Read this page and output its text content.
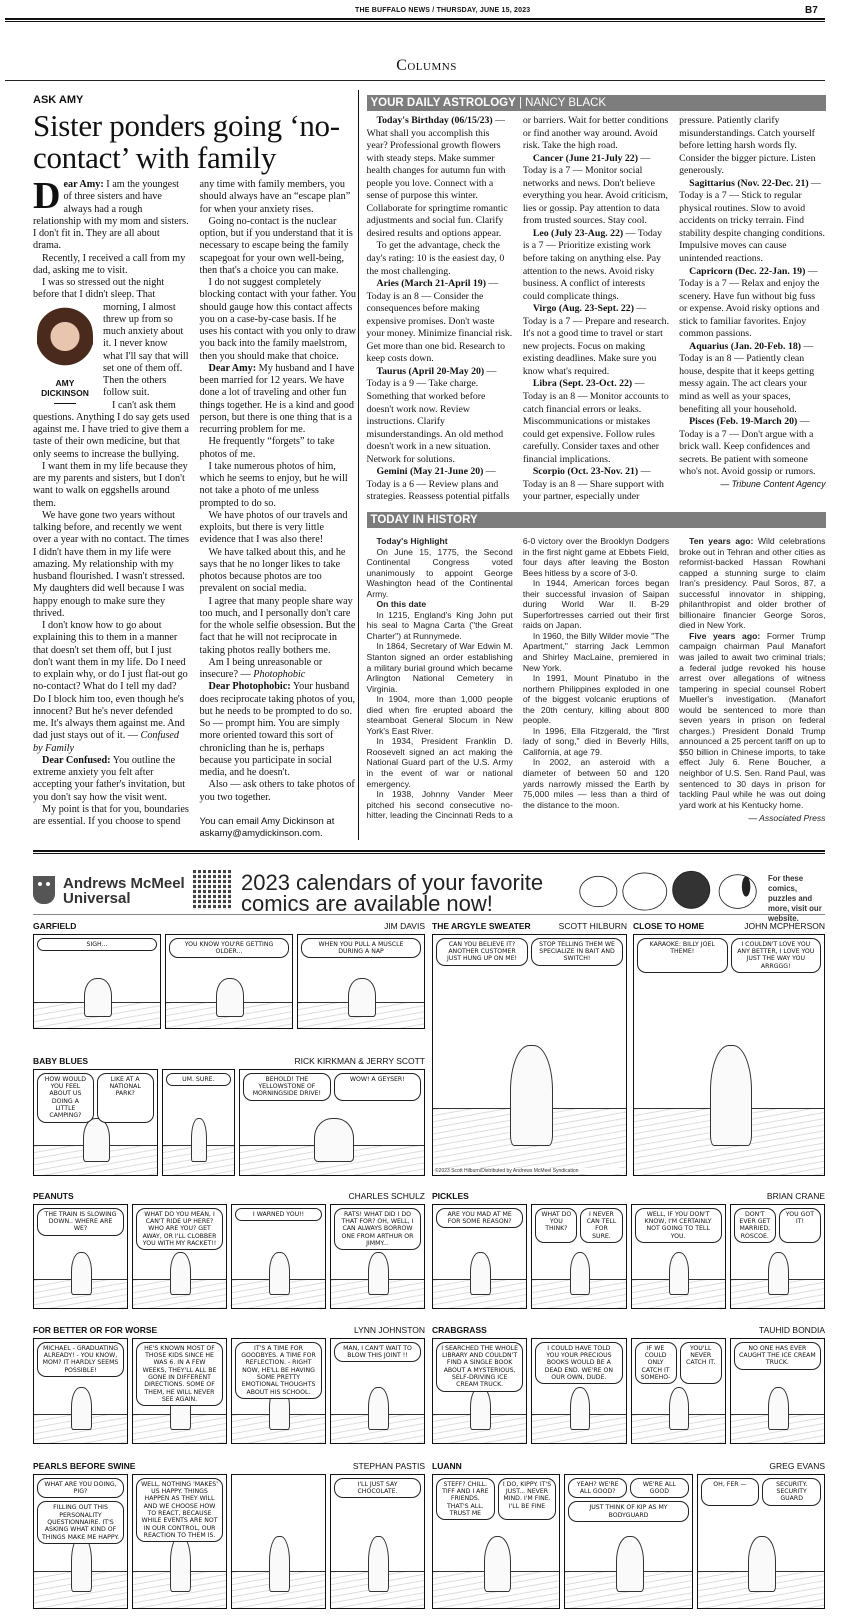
THE BUFFALO NEWS / THURSDAY, JUNE 15, 2023	B7
Columns
ASK AMY
Sister ponders going ‘no-contact’ with family

Dear Amy: I am the youngest of three sisters and have always had a rough relationship with my mom and sisters. I don't fit in. They are all about drama.

Recently, I received a call from my dad, asking me to visit.

I was so stressed out the night before that I didn't sleep. That morning,
AMY
DICKINSON
I almost threw up from so much anxiety about it. I never know what I'll say that will set one of them off. Then the others follow suit.

I can't ask them questions. Anything I do say gets used against me. I have tried to give them a taste of their own medicine, but that only seems to increase the bullying.

I want them in my life because they are my parents and sisters, but I don't want to walk on eggshells around them.

We have gone two years without talking before, and recently we went over a year with no contact. The times I didn't have them in my life were amazing. My relationship with my husband flourished. I wasn't stressed. My daughters did well because I was happy enough to make sure they thrived.

I don't know how to go about explaining this to them in a manner that doesn't set them off, but I just don't want them in my life. Do I need to explain why, or do I just flat-out go no-contact? What do I tell my dad? Do I block him too, even though he's innocent? But he's never defended me. It's always them against me. And dad just stays out of it. — Confused by Family

Dear Confused: You outline the extreme anxiety you felt after accepting your father's invitation, but you don't say how the visit went.

My point is that for you, boundaries are essential. If you choose to spend any time with family members, you should always have an “escape plan” for when your anxiety rises.

Going no-contact is the nuclear option, but if you understand that it is necessary to escape being the family scapegoat for your own well-being, then that's a choice you can make.

I do not suggest completely blocking contact with your father. You should gauge how this contact affects you on a case-by-case basis. If he uses his contact with you only to draw you back into the family maelstrom, then you should make that choice.

Dear Amy: My husband and I have been married for 12 years. We have done a lot of traveling and other fun things together. He is a kind and good person, but there is one thing that is a recurring problem for me.

He frequently “forgets” to take photos of me.

I take numerous photos of him, which he seems to enjoy, but he will not take a photo of me unless prompted to do so.

We have photos of our travels and exploits, but there is very little evidence that I was also there!

We have talked about this, and he says that he no longer likes to take photos because photos are too prevalent on social media.

I agree that many people share way too much, and I personally don't care for the whole selfie obsession. But the fact that he will not reciprocate in taking photos really bothers me.

Am I being unreasonable or insecure? — Photophobic

Dear Photophobic: Your husband does reciprocate taking photos of you, but he needs to be prompted to do so. So — prompt him. You are simply more oriented toward this sort of chronicling than he is, perhaps because you participate in social media, and he doesn't.

Also — ask others to take photos of you two together.

You can email Amy Dickinson at askamy@amydickinson.com.

YOUR DAILY ASTROLOGY | NANCY BLACK

Today's Birthday (06/15/23) — What shall you accomplish this year? Professional growth flowers with steady steps. Make summer health changes for autumn fun with people you love. Connect with a sense of purpose this winter. Collaborate for springtime romantic adjustments and social fun. Clarify desired results and options appear.

To get the advantage, check the day's rating: 10 is the easiest day, 0 the most challenging.

Aries (March 21-April 19) — Today is an 8 — Consider the consequences before making expensive promises. Don't waste your money. Minimize financial risk. Get more than one bid. Research to keep costs down.

Taurus (April 20-May 20) — Today is a 9 — Take charge. Something that worked before doesn't work now. Review instructions. Clarify misunderstandings. An old method doesn't work in a new situation. Network for solutions.

Gemini (May 21-June 20) — Today is a 6 — Review plans and strategies. Reassess potential pitfalls or barriers. Wait for better conditions or find another way around. Avoid risk. Take the high road.

Cancer (June 21-July 22) — Today is a 7 — Monitor social networks and news. Don't believe everything you hear. Avoid criticism, lies or gossip. Pay attention to data from trusted sources. Stay cool.

Leo (July 23-Aug. 22) — Today is a 7 — Prioritize existing work before taking on anything else. Pay attention to the news. Avoid risky business. A conflict of interests could complicate things.

Virgo (Aug. 23-Sept. 22) — Today is a 7 — Prepare and research. It's not a good time to travel or start new projects. Focus on making existing deadlines. Make sure you know what's required.

Libra (Sept. 23-Oct. 22) — Today is an 8 — Monitor accounts to catch financial errors or leaks. Miscommunications or mistakes could get expensive. Follow rules carefully. Consider taxes and other financial implications.

Scorpio (Oct. 23-Nov. 21) — Today is an 8 — Share support with your partner, especially under pressure. Patiently clarify misunderstandings. Catch yourself before letting harsh words fly. Consider the bigger picture. Listen generously.

Sagittarius (Nov. 22-Dec. 21) — Today is a 7 — Stick to regular physical routines. Slow to avoid accidents on tricky terrain. Find stability despite changing conditions. Impulsive moves can cause unintended reactions.

Capricorn (Dec. 22-Jan. 19) — Today is a 7 — Relax and enjoy the scenery. Have fun without big fuss or expense. Avoid risky options and stick to familiar favorites. Enjoy common passions.

Aquarius (Jan. 20-Feb. 18) — Today is an 8 — Patiently clean house, despite that it keeps getting messy again. The act clears your mind as well as your spaces, benefiting all your household.

Pisces (Feb. 19-March 20) — Today is a 7 — Don't argue with a brick wall. Keep confidences and secrets. Be patient with someone who's not. Avoid gossip or rumors.

— Tribune Content Agency

TODAY IN HISTORY

Today's Highlight

On June 15, 1775, the Second Continental Congress voted unanimously to appoint George Washington head of the Continental Army.

On this date

In 1215, England's King John put his seal to Magna Carta ("the Great Charter") at Runnymede.

In 1864, Secretary of War Edwin M. Stanton signed an order establishing a military burial ground which became Arlington National Cemetery in Virginia.

In 1904, more than 1,000 people died when fire erupted aboard the steamboat General Slocum in New York's East River.

In 1934, President Franklin D. Roosevelt signed an act making the National Guard part of the U.S. Army in the event of war or national emergency.

In 1938, Johnny Vander Meer pitched his second consecutive no-hitter, leading the Cincinnati Reds to a 6-0 victory over the Brooklyn Dodgers in the first night game at Ebbets Field, four days after leaving the Boston Bees hitless by a score of 3-0.

In 1944, American forces began their successful invasion of Saipan during World War II. B-29 Superfortresses carried out their first raids on Japan.

In 1960, the Billy Wilder movie "The Apartment," starring Jack Lemmon and Shirley MacLaine, premiered in New York.

In 1991, Mount Pinatubo in the northern Philippines exploded in one of the biggest volcanic eruptions of the 20th century, killing about 800 people.

In 1996, Ella Fitzgerald, the "first lady of song," died in Beverly Hills, California, at age 79.

In 2002, an asteroid with a diameter of between 50 and 120 yards narrowly missed the Earth by 75,000 miles — less than a third of the distance to the moon.

Ten years ago: Wild celebrations broke out in Tehran and other cities as reformist-backed Hassan Rowhani capped a stunning surge to claim Iran's presidency. Paul Soros, 87, a successful innovator in shipping, philanthropist and older brother of billionaire financier George Soros, died in New York.

Five years ago: Former Trump campaign chairman Paul Manafort was jailed to await two criminal trials; a federal judge revoked his house arrest over allegations of witness tampering in special counsel Robert Mueller's investigation. (Manafort would be sentenced to more than seven years in prison on federal charges.) President Donald Trump announced a 25 percent tariff on up to $50 billion in Chinese imports, to take effect July 6. Rene Boucher, a neighbor of U.S. Sen. Rand Paul, was sentenced to 30 days in prison for tackling Paul while he was out doing yard work at his Kentucky home.

— Associated Press

Andrews McMeel
Universal
2023 calendars of your favorite comics are available now!
For these comics, puzzles and more, visit our website.
GARFIELD	JIM DAVIS
SIGH...	YOU KNOW YOU'RE GETTING OLDER...
WHEN YOU PULL A MUSCLE DURING A NAP
BABY BLUES	RICK KIRKMAN & JERRY SCOTT
HOW WOULD YOU FEEL ABOUT US DOING A LITTLE CAMPING?
LIKE AT A NATIONAL PARK?
UM. SURE.	BEHOLD! THE YELLOWSTONE OF MORNINGSIDE DRIVE!
WOW! A GEYSER!
PEANUTS	CHARLES SCHULZ
THE TRAIN IS SLOWING DOWN.. WHERE ARE WE?
WHAT DO YOU MEAN, I CAN'T RIDE UP HERE? WHO ARE YOU? GET AWAY, OR I'LL CLOBBER YOU WITH MY RACKET!!
I WARNED YOU!!	RATS! WHAT DID I DO THAT FOR? OH, WELL, I CAN ALWAYS BORROW ONE FROM ARTHUR OR JIMMY...
FOR BETTER OR FOR WORSE	LYNN JOHNSTON
MICHAEL - GRADUATING ALREADY! - YOU KNOW, MOM? IT HARDLY SEEMS POSSIBLE!
HE'S KNOWN MOST OF THOSE KIDS SINCE HE WAS 6. IN A FEW WEEKS, THEY'LL ALL BE GONE IN DIFFERENT DIRECTIONS. SOME OF THEM, HE WILL NEVER SEE AGAIN.
IT'S A TIME FOR GOODBYES. A TIME FOR REFLECTION. - RIGHT NOW, HE'LL BE HAVING SOME PRETTY EMOTIONAL THOUGHTS ABOUT HIS SCHOOL.
MAN, I CAN'T WAIT TO BLOW THIS JOINT !!
PEARLS BEFORE SWINE	STEPHAN PASTIS
WHAT ARE YOU DOING, PIG?
FILLING OUT THIS PERSONALITY QUESTIONNAIRE. IT'S ASKING WHAT KIND OF THINGS MAKE ME HAPPY.
WELL, NOTHING 'MAKES' US HAPPY. THINGS HAPPEN AS THEY WILL AND WE CHOOSE HOW TO REACT, BECAUSE WHILE EVENTS ARE NOT IN OUR CONTROL, OUR REACTION TO THEM IS.
I'LL JUST SAY CHOCOLATE.
THE ARGYLE SWEATER	SCOTT HILBURN
CAN YOU BELIEVE IT? ANOTHER CUSTOMER JUST HUNG UP ON ME!
STOP TELLING THEM WE SPECIALIZE IN BAIT AND SWITCH!
©2023 Scott Hilburn/Distributed by Andrews McMeel Syndication
CLOSE TO HOME	JOHN MCPHERSON
KARAOKE: BILLY JOEL THEME!
I COULDN'T LOVE YOU ANY BETTER, I LOVE YOU JUST THE WAY YOU ARRGGG!
PICKLES	BRIAN CRANE
ARE YOU MAD AT ME FOR SOME REASON?
WHAT DO YOU THINK?
I NEVER CAN TELL FOR SURE.
WELL, IF YOU DON'T KNOW, I'M CERTAINLY NOT GOING TO TELL YOU.
DON'T EVER GET MARRIED, ROSCOE.
YOU GOT IT!
CRABGRASS	TAUHID BONDIA
I SEARCHED THE WHOLE LIBRARY AND COULDN'T FIND A SINGLE BOOK ABOUT A MYSTERIOUS, SELF-DRIVING ICE CREAM TRUCK.
I COULD HAVE TOLD YOU YOUR PRECIOUS BOOKS WOULD BE A DEAD END. WE'RE ON OUR OWN, DUDE.
IF WE COULD ONLY CATCH IT SOMEHO-
YOU'LL NEVER CATCH IT.
NO ONE HAS EVER CAUGHT THE ICE CREAM TRUCK.
LUANN	GREG EVANS
STEFF? CHILL. TIFF AND I ARE FRIENDS. THAT'S ALL. TRUST ME
I DO, KIPPY. IT'S JUST... NEVER MIND. I'M FINE. I'LL BE FINE
YEAH? WE'RE ALL GOOD?
WE'RE ALL GOOD
JUST THINK OF KIP AS MY BODYGUARD
OH, FER —	SECURITY. SECURITY GUARD
